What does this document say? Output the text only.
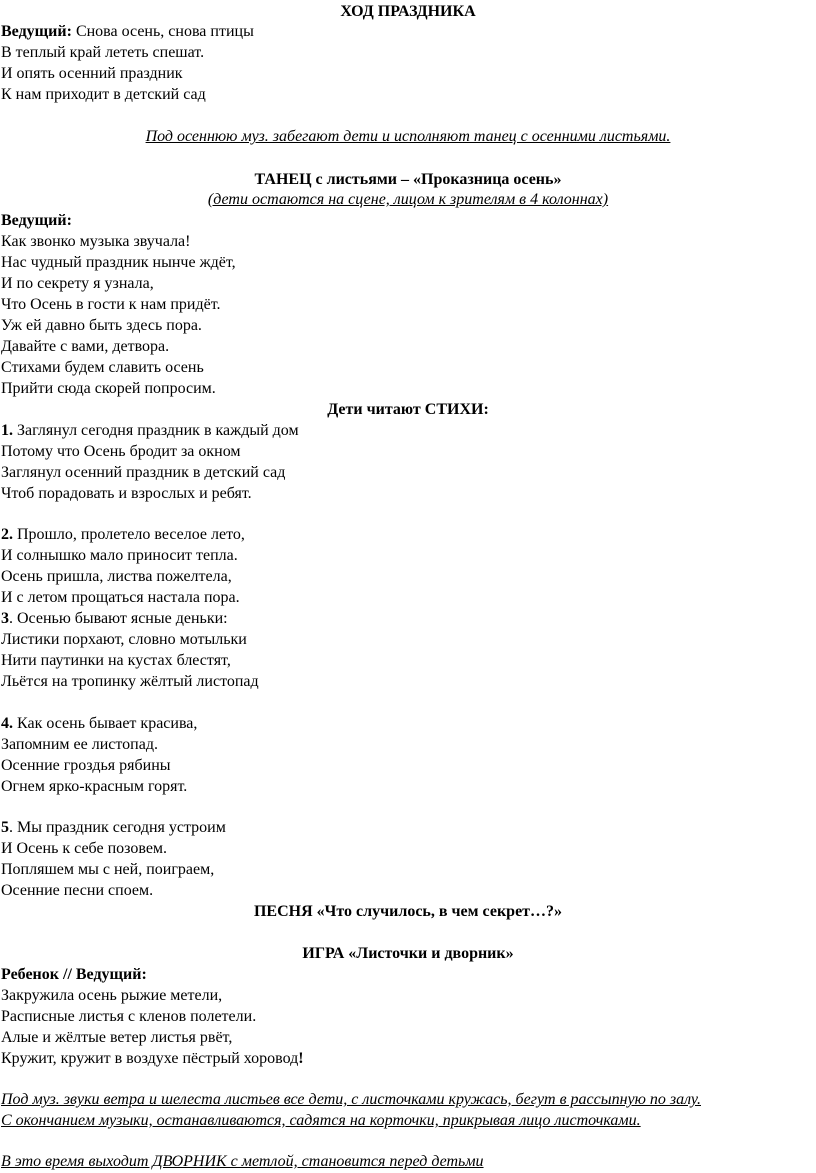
ХОД ПРАЗДНИКА
Ведущий: Снова осень, снова птицы
В теплый край лететь спешат.
И опять осенний праздник
К нам приходит в детский сад
Под осеннюю муз. забегают дети и исполняют танец с осенними листьями.
ТАНЕЦ с листьями – «Проказница осень»
(дети остаются на сцене, лицом к зрителям в 4 колоннах)
Ведущий:
Как звонко музыка звучала!
Нас чудный праздник нынче ждёт,
И по секрету я узнала,
Что Осень в гости к нам придёт.
Уж ей давно быть здесь пора.
Давайте с вами, детвора.
Стихами будем славить осень
Прийти сюда скорей попросим.
Дети читают СТИХИ:
1. Заглянул сегодня праздник в каждый дом
Потому что Осень бродит за окном
Заглянул осенний праздник в детский сад
Чтоб порадовать и взрослых и ребят.
2. Прошло, пролетело веселое лето,
И солнышко мало приносит тепла.
Осень пришла, листва пожелтела,
И с летом прощаться настала пора.
3. Осенью бывают ясные деньки:
Листики порхают, словно мотыльки
Нити паутинки на кустах блестят,
Льётся на тропинку жёлтый листопад
4. Как осень бывает красива,
Запомним ее листопад.
Осенние гроздья рябины
Огнем ярко-красным горят.
5. Мы праздник сегодня устроим
И Осень к себе позовем.
Попляшем мы с ней, поиграем,
Осенние песни споем.
ПЕСНЯ «Что случилось, в чем секрет…?»
ИГРА «Листочки и дворник»
Ребенок // Ведущий:
Закружила осень рыжие метели,
Расписные листья с кленов полетели.
Алые и жёлтые ветер листья рвёт,
Кружит, кружит в воздухе пёстрый хоровод!
Под муз. звуки ветра и шелеста листьев все дети, с листочками кружась, бегут в рассыпную по залу.
С окончанием музыки, останавливаются, садятся на корточки, прикрывая лицо листочками.
В это время выходит ДВОРНИК с метлой, становится перед детьми
